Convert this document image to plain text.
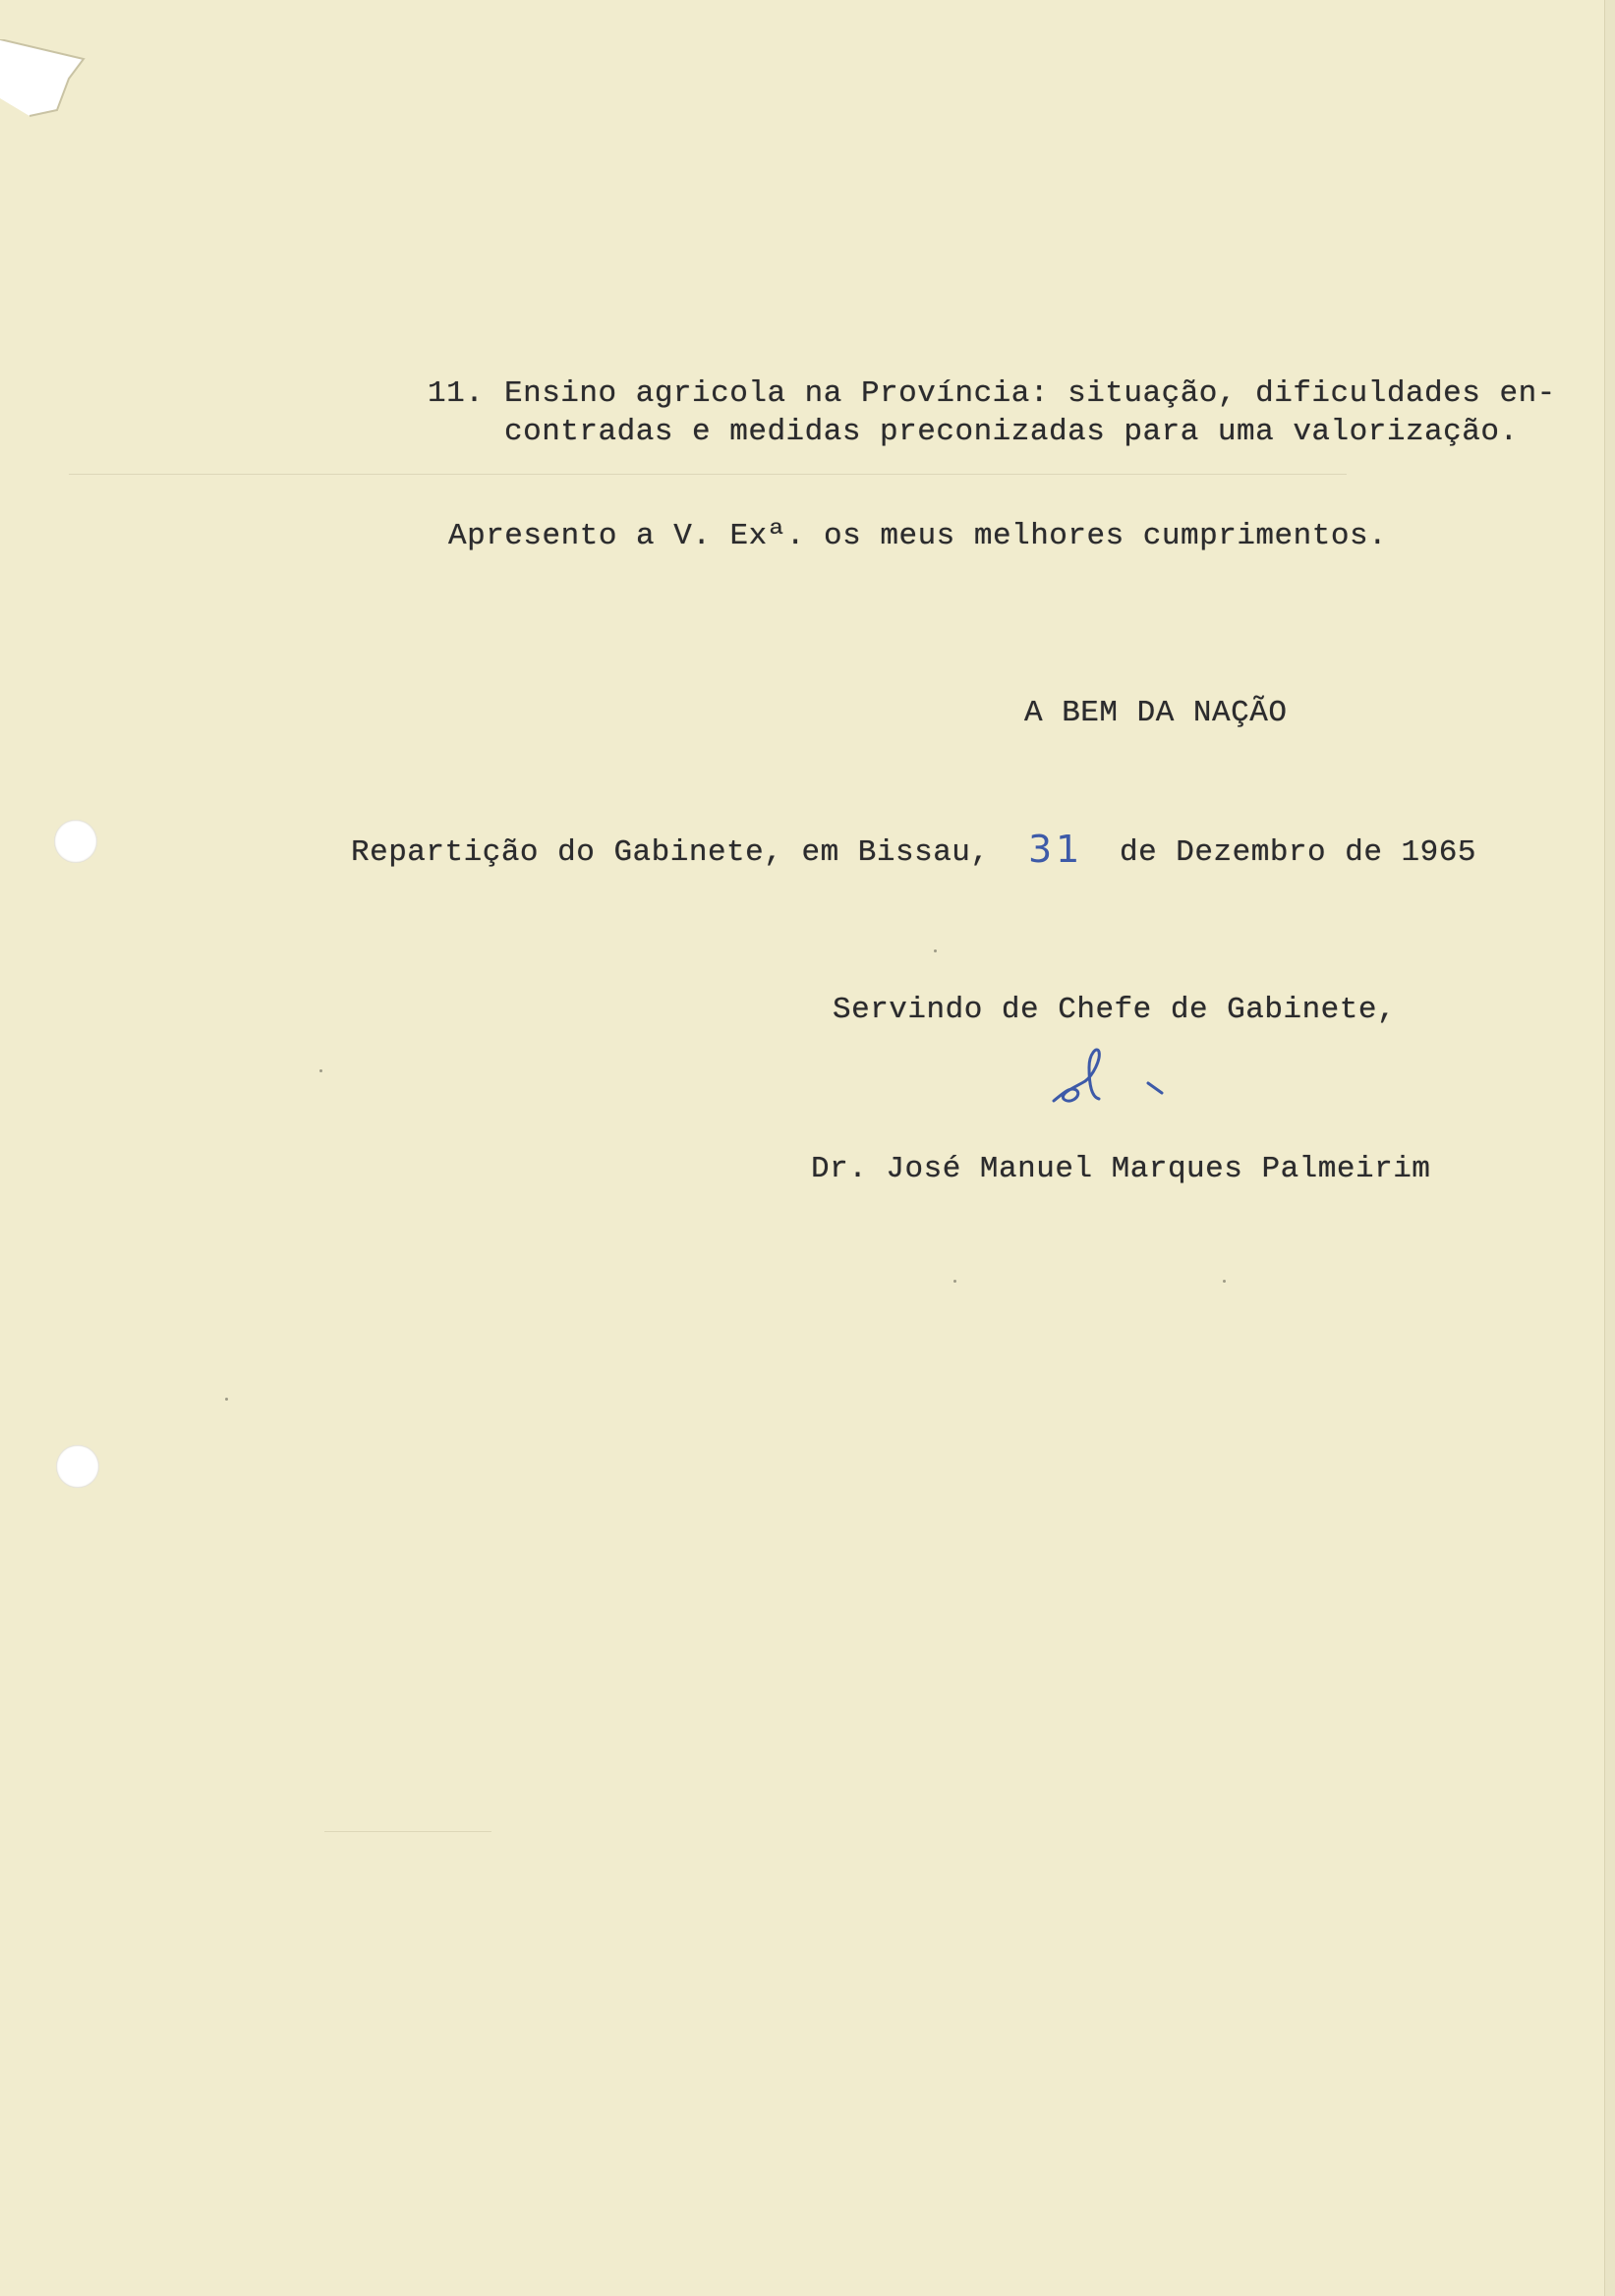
11. Ensino agricola na Província: situação, dificuldades en-
contradas e medidas preconizadas para uma valorização.
Apresento a V. Exª. os meus melhores cumprimentos.
A BEM DA NAÇÃO
Repartição do Gabinete, em Bissau, 31 de Dezembro de 1965
Servindo de Chefe de Gabinete,
Dr. José Manuel Marques Palmeirim
